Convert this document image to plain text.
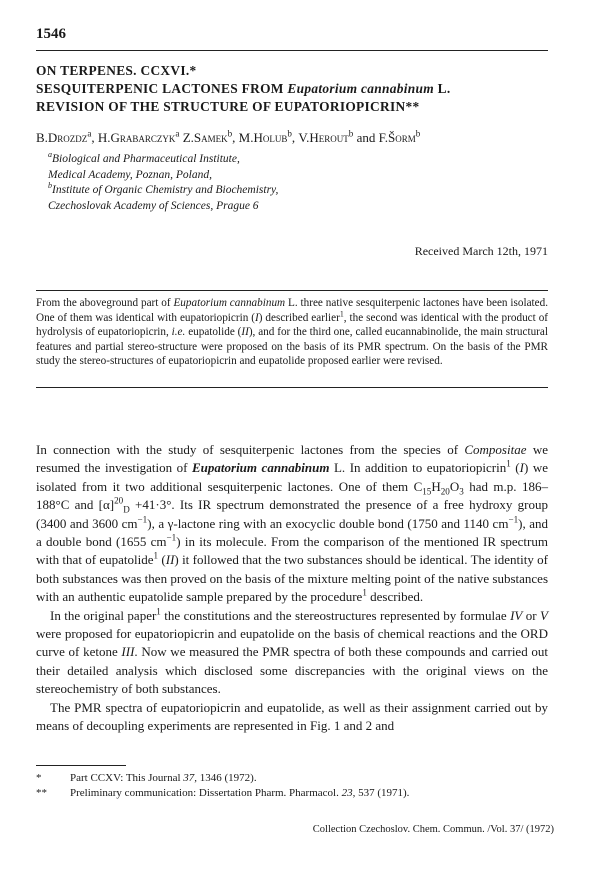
1546
ON TERPENES. CCXVI.*
SESQUITERPENIC LACTONES FROM Eupatorium cannabinum L.
REVISION OF THE STRUCTURE OF EUPATORIOPICRIN**
B.Drozdz$^a$, H.Grabarczyk$^a$ Z.Samek$^b$, M.Holub$^b$, V.Herout$^b$ and F.Šorm$^b$
$^a$Biological and Pharmaceutical Institute,
Medical Academy, Poznan, Poland,
$^b$Institute of Organic Chemistry and Biochemistry,
Czechoslovak Academy of Sciences, Prague 6
Received March 12th, 1971
From the aboveground part of Eupatorium cannabinum L. three native sesquiterpenic lactones have been isolated. One of them was identical with eupatoriopicrin (I) described earlier$^1$, the second was identical with the product of hydrolysis of eupatoriopicrin, i.e. eupatolide (II), and for the third one, called eucannabinolide, the main structural features and partial stereo-structure were proposed on the basis of its PMR spectrum. On the basis of the PMR study the stereo-structures of eupatoriopicrin and eupatolide proposed earlier were revised.

In connection with the study of sesquiterpenic lactones from the species of Compositae we resumed the investigation of Eupatorium cannabinum L. In addition to eupatoriopicrin$^1$ (I) we isolated from it two additional sesquiterpenic lactones. One of them $C_{15}H_{20}O_3$ had m.p. 186–188°C and $[\alpha]^{20}_D +41\cdot 3^\circ$. Its IR spectrum demonstrated the presence of a free hydroxy group (3400 and 3600 $cm^{-1}$), a γ-lactone ring with an exocyclic double bond (1750 and 1140 $cm^{-1}$), and a double bond (1655 $cm^{-1}$) in its molecule. From the comparison of the mentioned IR spectrum with that of eupatolide$^1$ (II) it followed that the two substances should be identical. The identity of both substances was then proved on the basis of the mixture melting point of the native substances with an authentic eupatolide sample prepared by the procedure$^1$ described.

In the original paper$^1$ the constitutions and the stereostructures represented by formulae IV or V were proposed for eupatoriopicrin and eupatolide on the basis of chemical reactions and the ORD curve of ketone III. Now we measured the PMR spectra of both these compounds and carried out their detailed analysis which disclosed some discrepancies with the original views on the stereochemistry of both substances.

The PMR spectra of eupatoriopicrin and eupatolide, as well as their assignment carried out by means of decoupling experiments are represented in Fig. 1 and 2 and

*	Part CCXV: This Journal 37, 1346 (1972).
**	Preliminary communication: Dissertation Pharm. Pharmacol. 23, 537 (1971).
Collection Czechoslov. Chem. Commun. /Vol. 37/ (1972)
